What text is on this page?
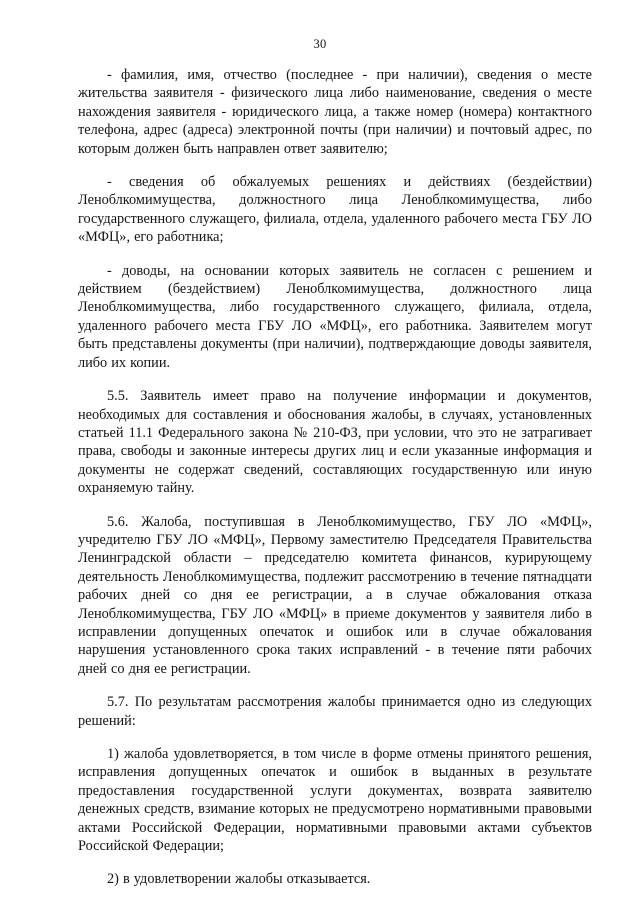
30

- фамилия, имя, отчество (последнее - при наличии), сведения о месте жительства заявителя - физического лица либо наименование, сведения о месте нахождения заявителя - юридического лица, а также номер (номера) контактного телефона, адрес (адреса) электронной почты (при наличии) и почтовый адрес, по которым должен быть направлен ответ заявителю;

- сведения об обжалуемых решениях и действиях (бездействии) Леноблкомимущества, должностного лица Леноблкомимущества, либо государственного служащего, филиала, отдела, удаленного рабочего места ГБУ ЛО «МФЦ», его работника;

- доводы, на основании которых заявитель не согласен с решением и действием (бездействием) Леноблкомимущества, должностного лица Леноблкомимущества, либо государственного служащего, филиала, отдела, удаленного рабочего места ГБУ ЛО «МФЦ», его работника. Заявителем могут быть представлены документы (при наличии), подтверждающие доводы заявителя, либо их копии.

5.5. Заявитель имеет право на получение информации и документов, необходимых для составления и обоснования жалобы, в случаях, установленных статьей 11.1 Федерального закона № 210-ФЗ, при условии, что это не затрагивает права, свободы и законные интересы других лиц и если указанные информация и документы не содержат сведений, составляющих государственную или иную охраняемую тайну.

5.6. Жалоба, поступившая в Леноблкомимущество, ГБУ ЛО «МФЦ», учредителю ГБУ ЛО «МФЦ», Первому заместителю Председателя Правительства Ленинградской области – председателю комитета финансов, курирующему деятельность Леноблкомимущества, подлежит рассмотрению в течение пятнадцати рабочих дней со дня ее регистрации, а в случае обжалования отказа Леноблкомимущества, ГБУ ЛО «МФЦ» в приеме документов у заявителя либо в исправлении допущенных опечаток и ошибок или в случае обжалования нарушения установленного срока таких исправлений - в течение пяти рабочих дней со дня ее регистрации.

5.7. По результатам рассмотрения жалобы принимается одно из следующих решений:

1) жалоба удовлетворяется, в том числе в форме отмены принятого решения, исправления допущенных опечаток и ошибок в выданных в результате предоставления государственной услуги документах, возврата заявителю денежных средств, взимание которых не предусмотрено нормативными правовыми актами Российской Федерации, нормативными правовыми актами субъектов Российской Федерации;

2) в удовлетворении жалобы отказывается.
